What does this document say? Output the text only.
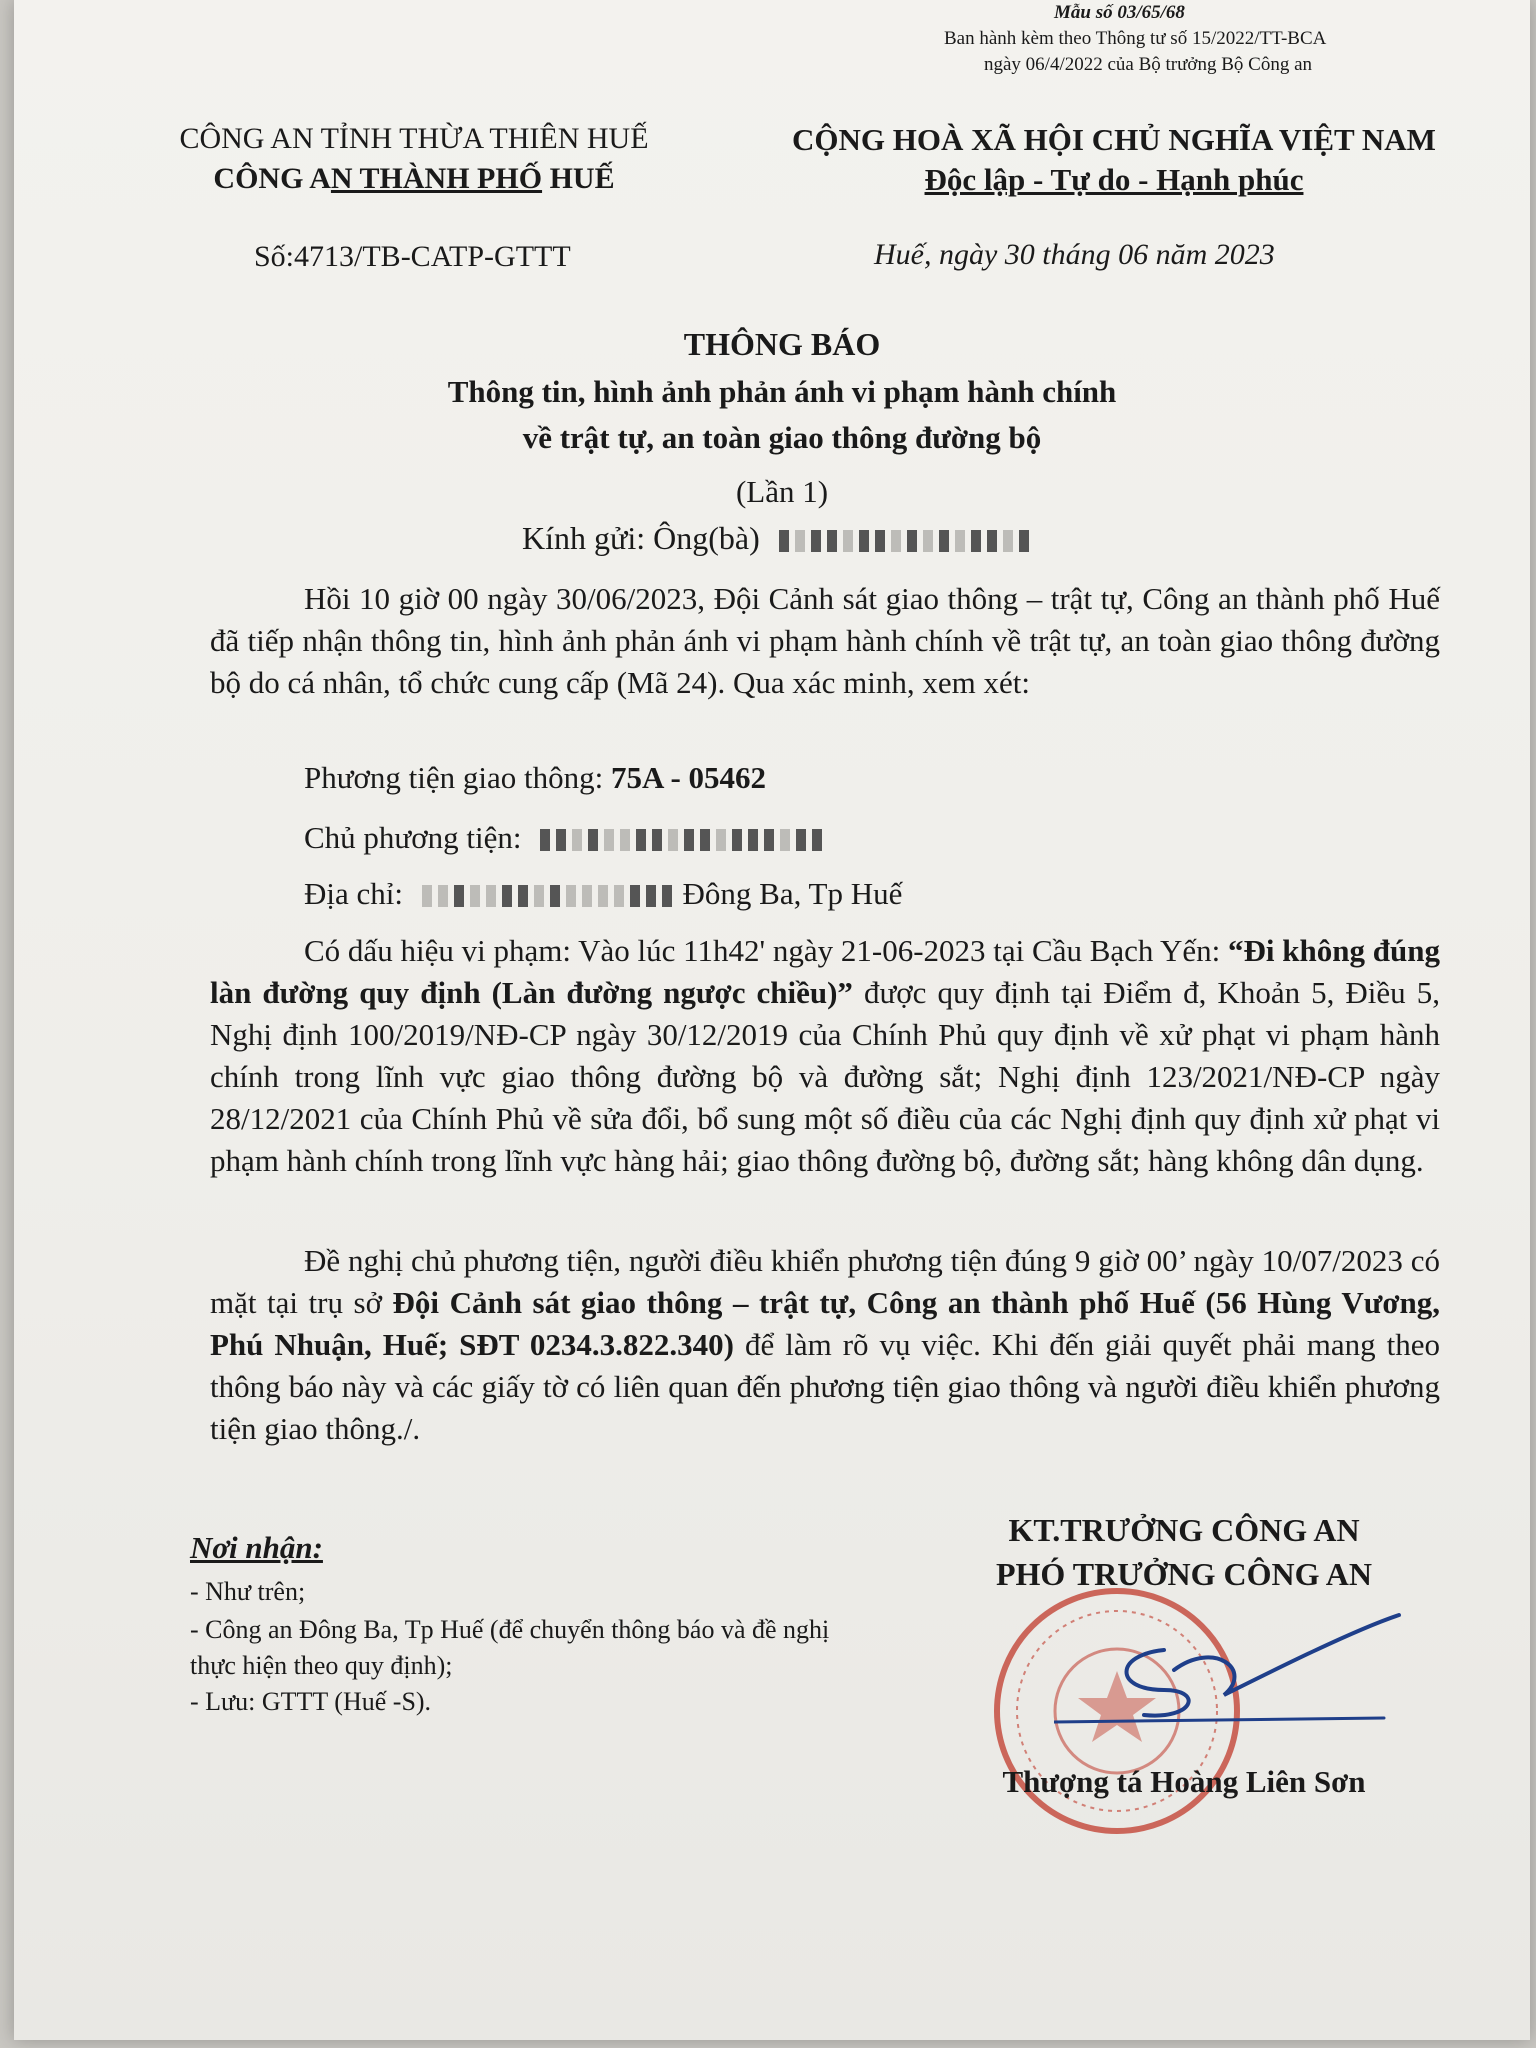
Mẫu số 03/65/68
Ban hành kèm theo Thông tư số 15/2022/TT-BCA
ngày 06/4/2022 của Bộ trưởng Bộ Công an
CÔNG AN TỈNH THỪA THIÊN HUẾ
CÔNG AN THÀNH PHỐ HUẾ
CỘNG HOÀ XÃ HỘI CHỦ NGHĨA VIỆT NAM
Độc lập - Tự do - Hạnh phúc
Số:4713/TB-CATP-GTTT	Huế, ngày 30 tháng 06 năm 2023
THÔNG BÁO
Thông tin, hình ảnh phản ánh vi phạm hành chính
về trật tự, an toàn giao thông đường bộ
(Lần 1)
Kính gửi: Ông(bà)
Hồi 10 giờ 00 ngày 30/06/2023, Đội Cảnh sát giao thông – trật tự, Công an thành phố Huế đã tiếp nhận thông tin, hình ảnh phản ánh vi phạm hành chính về trật tự, an toàn giao thông đường bộ do cá nhân, tổ chức cung cấp (Mã 24). Qua xác minh, xem xét:
Phương tiện giao thông: 75A - 05462
Chủ phương tiện:
Địa chỉ:	Đông Ba, Tp Huế
Có dấu hiệu vi phạm: Vào lúc 11h42' ngày 21-06-2023 tại Cầu Bạch Yến: “Đi không đúng làn đường quy định (Làn đường ngược chiều)” được quy định tại Điểm đ, Khoản 5, Điều 5, Nghị định 100/2019/NĐ-CP ngày 30/12/2019 của Chính Phủ quy định về xử phạt vi phạm hành chính trong lĩnh vực giao thông đường bộ và đường sắt; Nghị định 123/2021/NĐ-CP ngày 28/12/2021 của Chính Phủ về sửa đổi, bổ sung một số điều của các Nghị định quy định xử phạt vi phạm hành chính trong lĩnh vực hàng hải; giao thông đường bộ, đường sắt; hàng không dân dụng.
Đề nghị chủ phương tiện, người điều khiển phương tiện đúng 9 giờ 00’ ngày 10/07/2023 có mặt tại trụ sở Đội Cảnh sát giao thông – trật tự, Công an thành phố Huế (56 Hùng Vương, Phú Nhuận, Huế; SĐT 0234.3.822.340) để làm rõ vụ việc. Khi đến giải quyết phải mang theo thông báo này và các giấy tờ có liên quan đến phương tiện giao thông và người điều khiển phương tiện giao thông./.
Nơi nhận:
- Như trên;
- Công an Đông Ba, Tp Huế (để chuyển thông báo và đề nghị thực hiện theo quy định);
- Lưu: GTTT (Huế -S).
KT.TRƯỞNG CÔNG AN
PHÓ TRƯỞNG CÔNG AN
Thượng tá Hoàng Liên Sơn
